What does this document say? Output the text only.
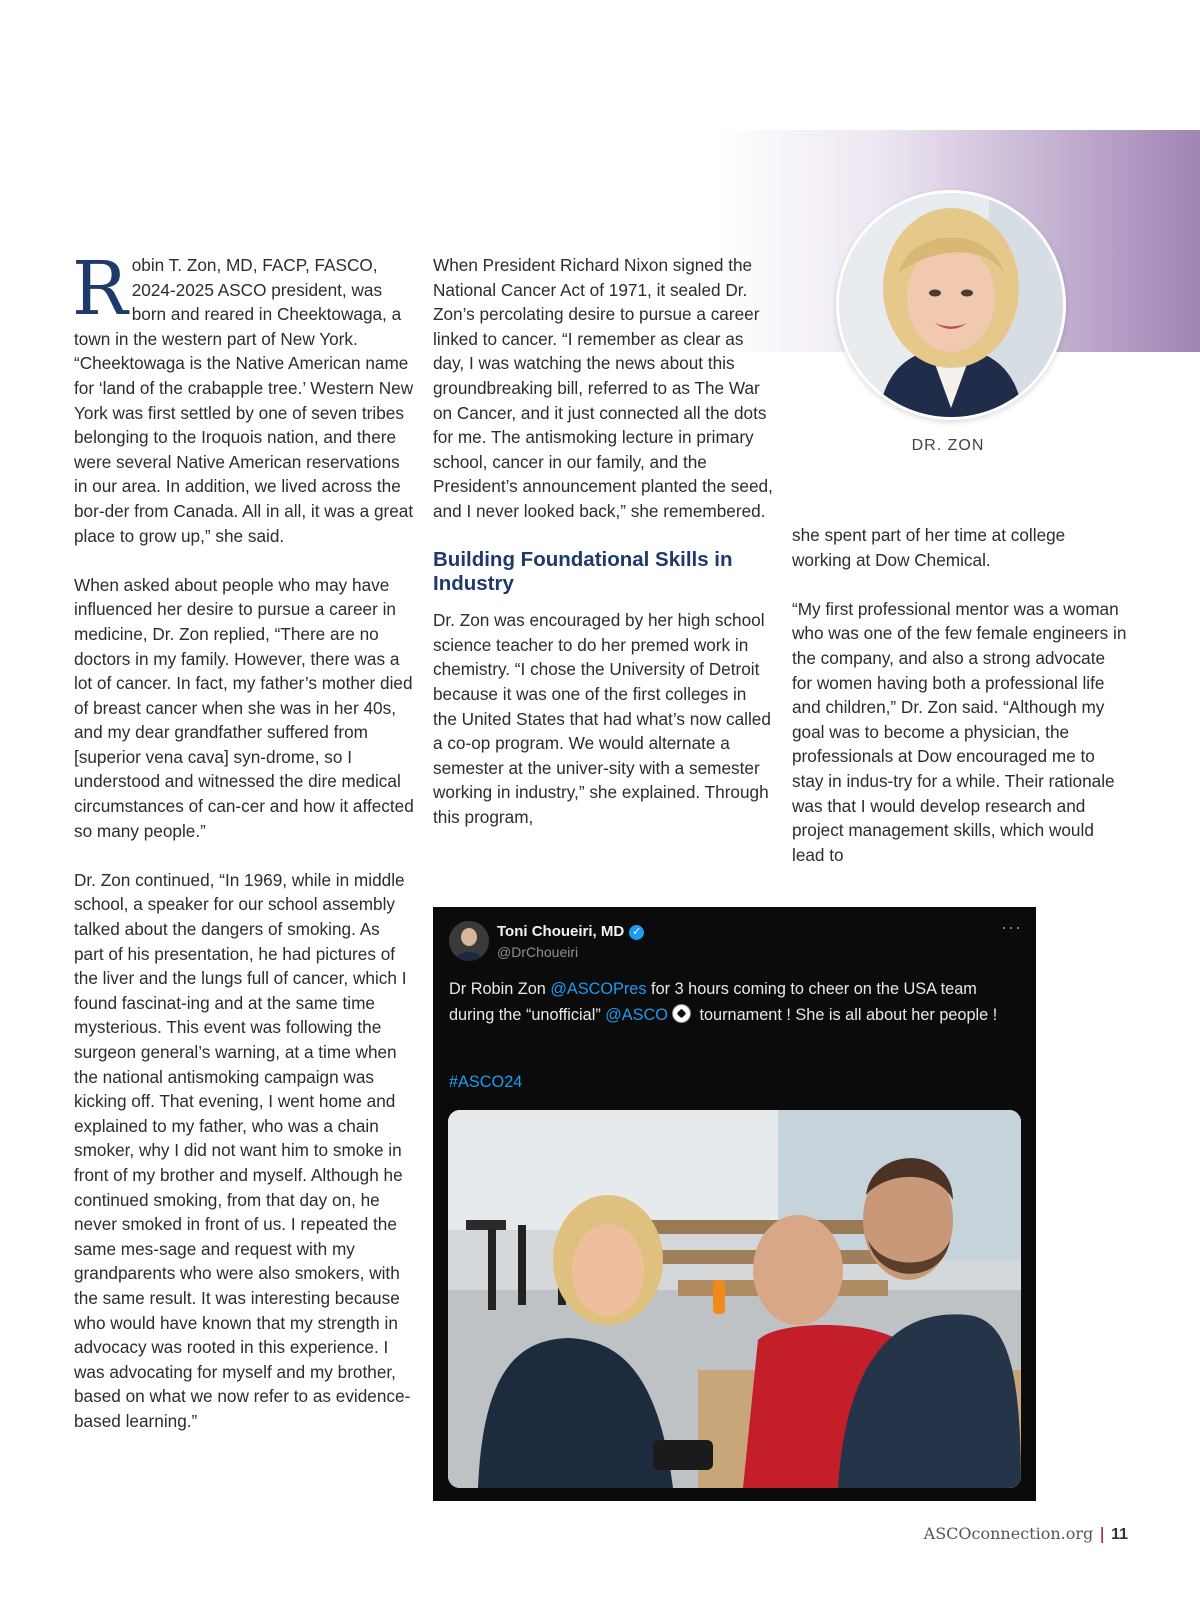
DR. ZON

Robin T. Zon, MD, FACP, FASCO, 2024-2025 ASCO president, was born and reared in Cheektowaga, a town in the western part of New York. “Cheektowaga is the Native American name for ‘land of the crabapple tree.’ Western New York was first settled by one of seven tribes belonging to the Iroquois nation, and there were several Native American reservations in our area. In addition, we lived across the bor-der from Canada. All in all, it was a great place to grow up,” she said.

When asked about people who may have influenced her desire to pursue a career in medicine, Dr. Zon replied, “There are no doctors in my family. However, there was a lot of cancer. In fact, my father’s mother died of breast cancer when she was in her 40s, and my dear grandfather suffered from [superior vena cava] syn-drome, so I understood and witnessed the dire medical circumstances of can-cer and how it affected so many people.”

Dr. Zon continued, “In 1969, while in middle school, a speaker for our school assembly talked about the dangers of smoking. As part of his presentation, he had pictures of the liver and the lungs full of cancer, which I found fascinat-ing and at the same time mysterious. This event was following the surgeon general’s warning, at a time when the national antismoking campaign was kicking off. That evening, I went home and explained to my father, who was a chain smoker, why I did not want him to smoke in front of my brother and myself. Although he continued smoking, from that day on, he never smoked in front of us. I repeated the same mes-sage and request with my grandparents who were also smokers, with the same result. It was interesting because who would have known that my strength in advocacy was rooted in this experience. I was advocating for myself and my brother, based on what we now refer to as evidence-based learning.”

When President Richard Nixon signed the National Cancer Act of 1971, it sealed Dr. Zon’s percolating desire to pursue a career linked to cancer. “I remember as clear as day, I was watching the news about this groundbreaking bill, referred to as The War on Cancer, and it just connected all the dots for me. The antismoking lecture in primary school, cancer in our family, and the President’s announcement planted the seed, and I never looked back,” she remembered.

Building Foundational Skills in Industry

Dr. Zon was encouraged by her high school science teacher to do her premed work in chemistry. “I chose the University of Detroit because it was one of the first colleges in the United States that had what’s now called a co-op program. We would alternate a semester at the univer-sity with a semester working in industry,” she explained. Through this program,

she spent part of her time at college working at Dow Chemical.

“My first professional mentor was a woman who was one of the few female engineers in the company, and also a strong advocate for women having both a professional life and children,” Dr. Zon said. “Although my goal was to become a physician, the professionals at Dow encouraged me to stay in indus-try for a while. Their rationale was that I would develop research and project management skills, which would lead to

Toni Choueiri, MD ✓
@DrChoueiri
···
Dr Robin Zon @ASCOPres for 3 hours coming to cheer on the USA team during the “unofficial” @ASCO tournament ! She is all about her people !
#ASCO24
ASCOconnection.org | 11
